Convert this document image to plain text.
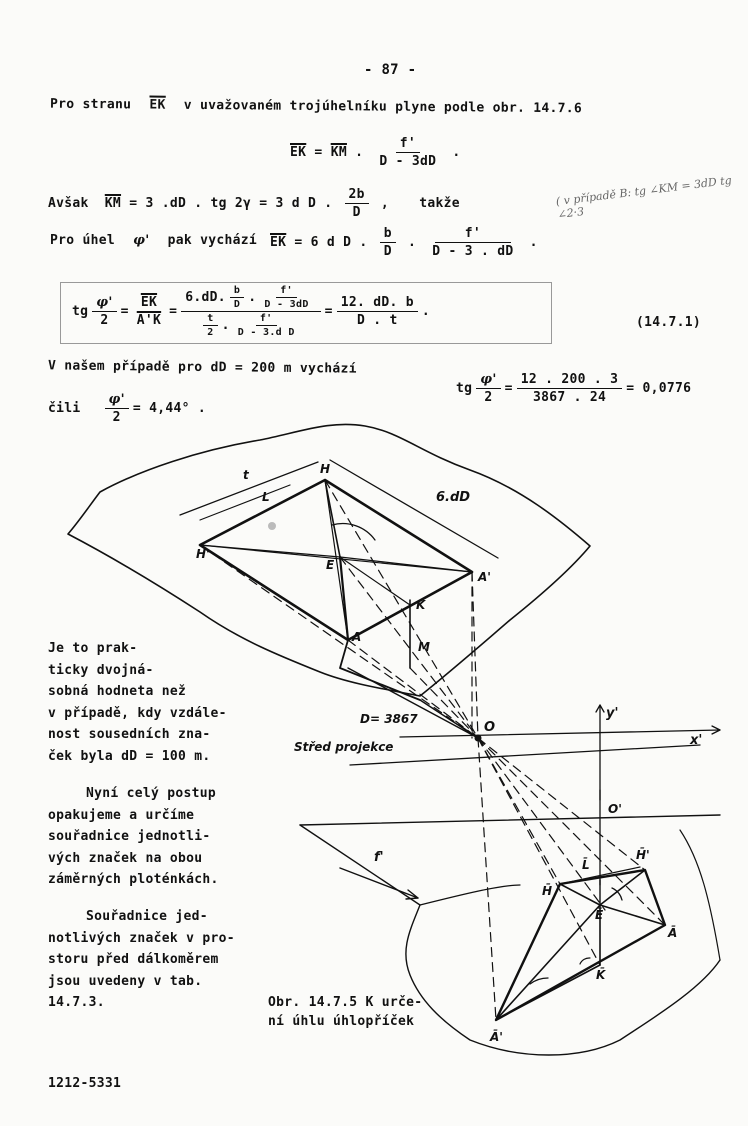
- 87 -
Pro stranu $\overline{EK}$ v uvažovaném trojúhelníku plyne podle obr. 14.7.6
$\overline{EK} = \overline{KM}$ . $\frac{f'}{D - 3dD}$ .
Avšak $\overline{KM} = 3$ .dD . tg 2γ = 3 d D . $\frac{2b}{D}$ , takže	( v případě B: tg ∠KM = 3dD tg ∠2·3
Pro úhel φ' pak vychází $\overline{EK} = 6$ d D . $\frac{b}{D}$ . $\frac{f'}{D - 3 . dD}$ .
tg $\frac{\varphi'}{2} = \frac{\overline{EK}}{A'K}$ =
6.dD. $\frac{b}{D}$ . $\frac{f'}{D - 3dD}$
$\frac{t}{2}$ . $\frac{f'}{\text{D - 3.d D}}$
= $\frac{12. dD. b}{D . t}$ .
(14.7.1)
V našem případě pro dD = 200 m vychází
tg $\frac{\varphi'}{2} = \frac{12 . 200 . 3}{3867 . 24} = 0,0776$
čili $\frac{\varphi'}{2} = 4,44^\circ$ .
t	H
L	6.dD
H'
E
A'
K
A
M
D= 3867
Střed projekce
O
y'
x'
O'
f'	L̄
H̄'
H̄
Ē
Ā
K̄
Ā'

Je to prak-

ticky dvojná-

sobná hodneta než

v případě, kdy vzdále-

nost sousedních zna-

ček byla dD = 100 m.

Nyní celý postup

opakujeme a určíme

souřadnice jednotli-

vých značek na obou

záměrných ploténkách.

Souřadnice jed-

notlivých značek v pro-

storu před dálkoměrem

jsou uvedeny v tab.

14.7.3.	Obr. 14.7.5 K urče-

ní úhlu úhlopříček

1212-5331
